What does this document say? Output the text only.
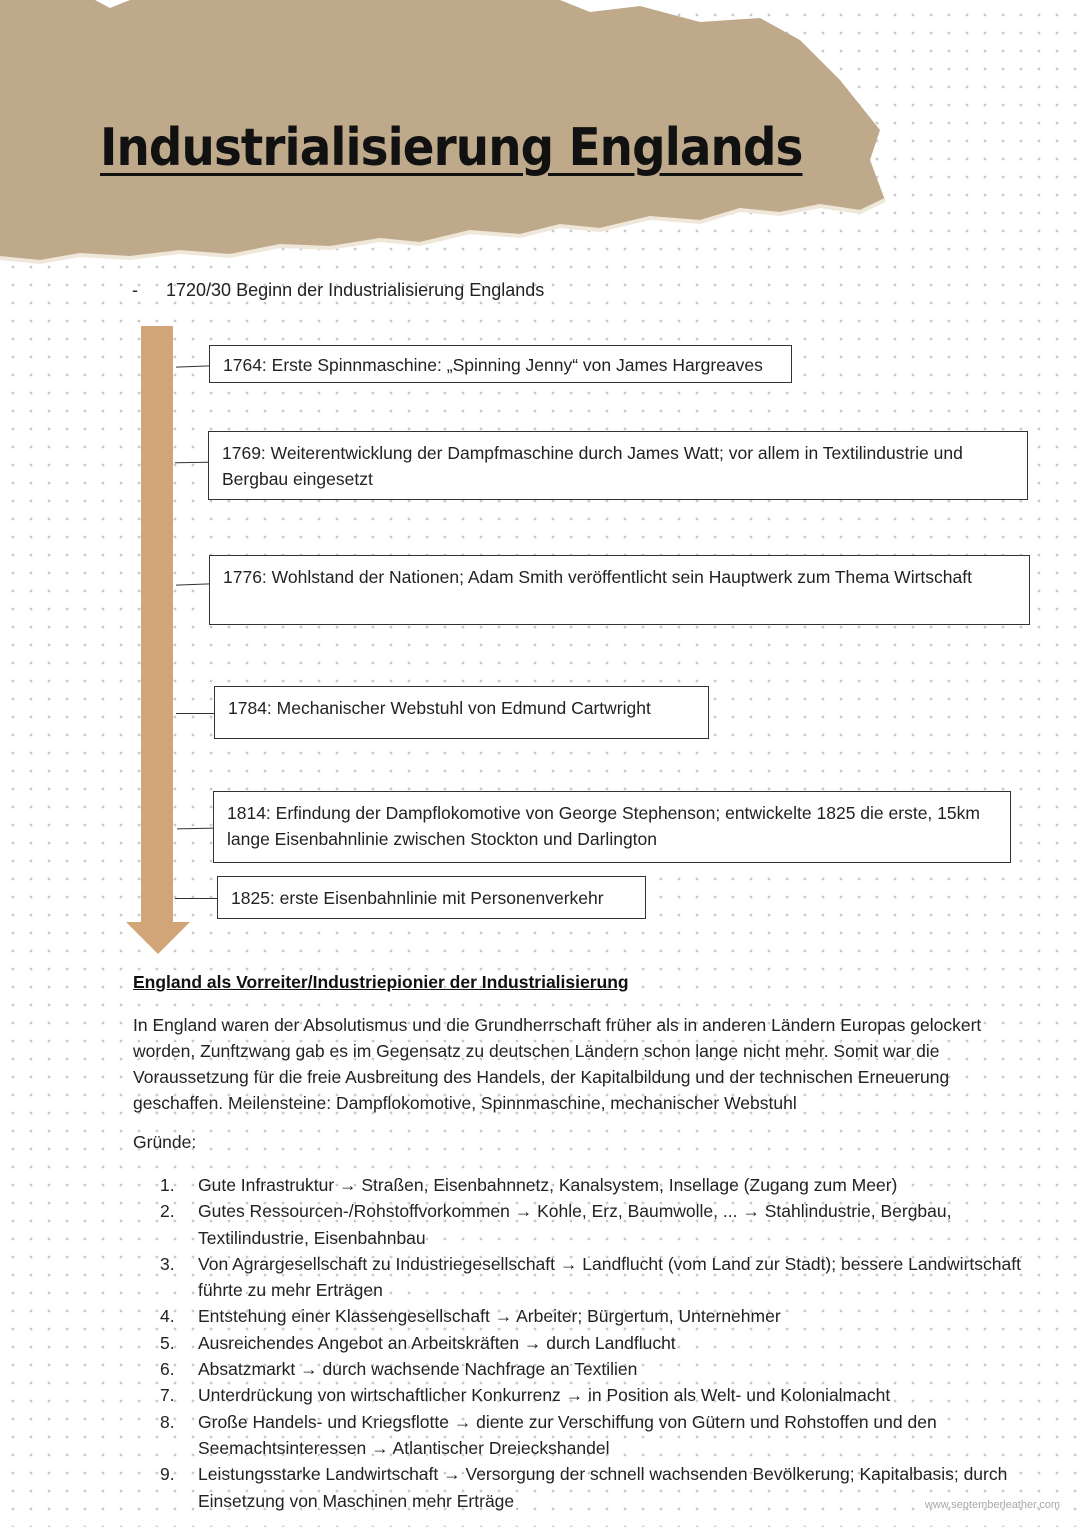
Industrialisierung Englands
- 1720/30 Beginn der Industrialisierung Englands
1764: Erste Spinnmaschine: „Spinning Jenny“ von James Hargreaves
1769: Weiterentwicklung der Dampfmaschine durch James Watt; vor allem in Textilindustrie und Bergbau eingesetzt
1776: Wohlstand der Nationen; Adam Smith veröffentlicht sein Hauptwerk zum Thema Wirtschaft
1784: Mechanischer Webstuhl von Edmund Cartwright
1814: Erfindung der Dampflokomotive von George Stephenson; entwickelte 1825 die erste, 15km lange Eisenbahnlinie zwischen Stockton und Darlington
1825: erste Eisenbahnlinie mit Personenverkehr
England als Vorreiter/Industriepionier der Industrialisierung
In England waren der Absolutismus und die Grundherrschaft früher als in anderen Ländern Europas gelockert worden, Zunftzwang gab es im Gegensatz zu deutschen Ländern schon lange nicht mehr. Somit war die Voraussetzung für die freie Ausbreitung des Handels, der Kapitalbildung und der technischen Erneuerung geschaffen. Meilensteine: Dampflokomotive, Spinnmaschine, mechanischer Webstuhl
Gründe:
1.	Gute Infrastruktur → Straßen, Eisenbahnnetz, Kanalsystem, Insellage (Zugang zum Meer)
2.	Gutes Ressourcen-/Rohstoffvorkommen → Kohle, Erz, Baumwolle, ... → Stahlindustrie, Bergbau, Textilindustrie, Eisenbahnbau
3.	Von Agrargesellschaft zu Industriegesellschaft → Landflucht (vom Land zur Stadt); bessere Landwirtschaft führte zu mehr Erträgen
4.	Entstehung einer Klassengesellschaft → Arbeiter; Bürgertum, Unternehmer
5.	Ausreichendes Angebot an Arbeitskräften → durch Landflucht
6.	Absatzmarkt → durch wachsende Nachfrage an Textilien
7.	Unterdrückung von wirtschaftlicher Konkurrenz → in Position als Welt- und Kolonialmacht
8.	Große Handels- und Kriegsflotte → diente zur Verschiffung von Gütern und Rohstoffen und den Seemachtsinteressen → Atlantischer Dreieckshandel
9.	Leistungsstarke Landwirtschaft → Versorgung der schnell wachsenden Bevölkerung; Kapitalbasis; durch Einsetzung von Maschinen mehr Erträge	www.septemberleather.com
